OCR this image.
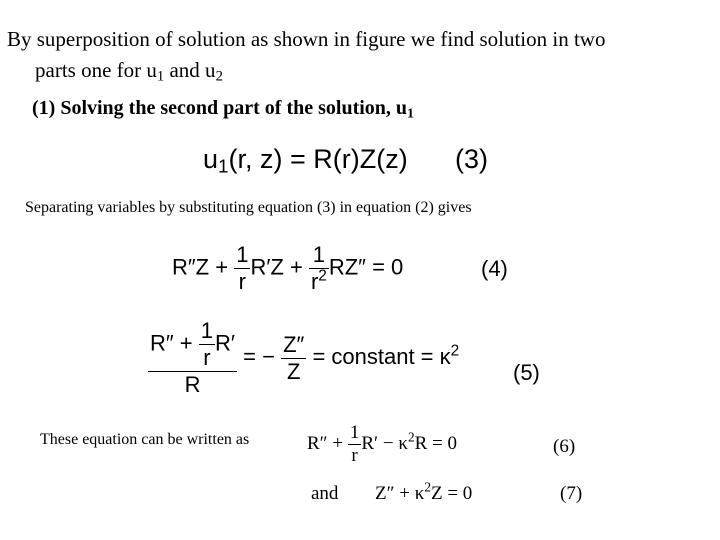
By superposition of solution as shown in figure we find solution in two
parts one for $u_1$ and $u_2$
(1) Solving the second part of the solution, $u_1$
$u_1(r$, z) = R(r)Z(z) (3)
Separating variables by substituting equation (3) in equation (2) gives
$R''Z + \frac{1}{r} R'Z + \frac{1}{r^2} RZ'' = 0$	(4)
$\frac{R'' + \frac{1}{r} R'}{R}$ = − $\frac{Z''}{Z}$ = constant = $\kappa^2$
(5)
These equation can be written as	$R'' + \frac{1}{r} R' - \kappa^2R = 0$	(6)
and $Z'' + \kappa^2Z = 0$	(7)
